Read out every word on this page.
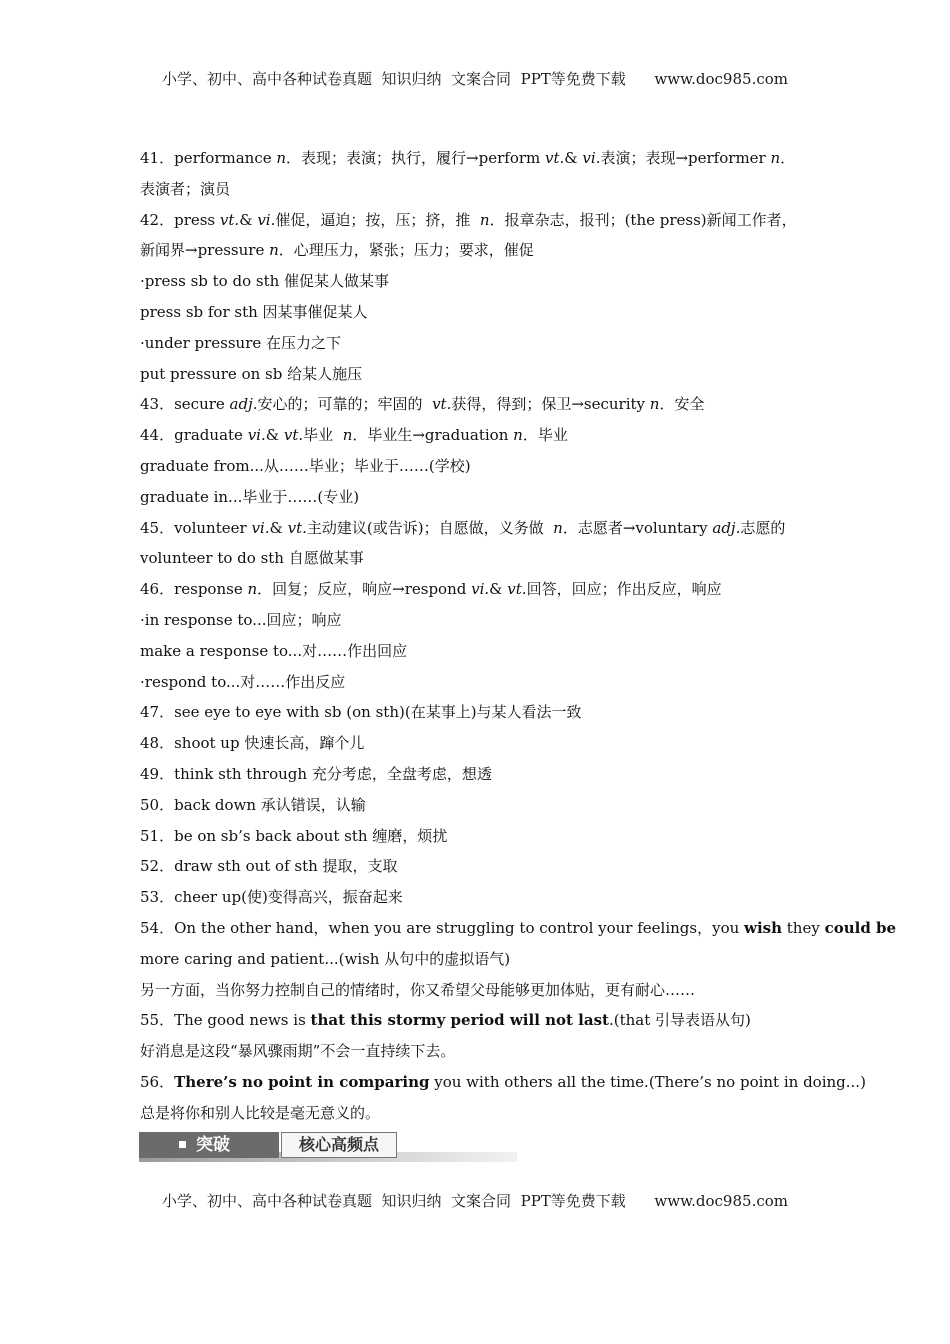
小学、初中、高中各种试卷真题  知识归纳  文案合同  PPT等免费下载      www.doc985.com
41．performance n．表现；表演；执行，履行→perform vt.& vi.表演；表现→performer n．
表演者；演员
42．press vt.& vi.催促，逼迫；按，压；挤，推  n．报章杂志，报刊；(the press)新闻工作者，
新闻界→pressure n．心理压力，紧张；压力；要求，催促
·press sb to do sth 催促某人做某事
press sb for sth 因某事催促某人
·under pressure 在压力之下
put pressure on sb 给某人施压
43．secure adj.安心的；可靠的；牢固的  vt.获得，得到；保卫→security n．安全
44．graduate vi.& vt.毕业  n．毕业生→graduation n．毕业
graduate from...从……毕业；毕业于……(学校)
graduate in...毕业于……(专业)
45．volunteer vi.& vt.主动建议(或告诉)；自愿做，义务做  n．志愿者→voluntary adj.志愿的
volunteer to do sth 自愿做某事
46．response n．回复；反应，响应→respond vi.& vt.回答，回应；作出反应，响应
·in response to...回应；响应
make a response to...对……作出回应
·respond to...对……作出反应
47．see eye to eye with sb (on sth)(在某事上)与某人看法一致
48．shoot up 快速长高，蹿个儿
49．think sth through 充分考虑，全盘考虑，想透
50．back down 承认错误，认输
51．be on sb’s back about sth 缠磨，烦扰
52．draw sth out of sth 提取，支取
53．cheer up(使)变得高兴，振奋起来
54．On the other hand，when you are struggling to control your feelings，you wish they could be
more caring and patient...(wish 从句中的虚拟语气)
另一方面，当你努力控制自己的情绪时，你又希望父母能够更加体贴，更有耐心……
55．The good news is that this stormy period will not last.(that 引导表语从句)
好消息是这段“暴风骤雨期”不会一直持续下去。
56．There’s no point in comparing you with others all the time.(There’s no point in doing...)
总是将你和别人比较是毫无意义的。
突破	核心高频点
小学、初中、高中各种试卷真题  知识归纳  文案合同  PPT等免费下载      www.doc985.com
